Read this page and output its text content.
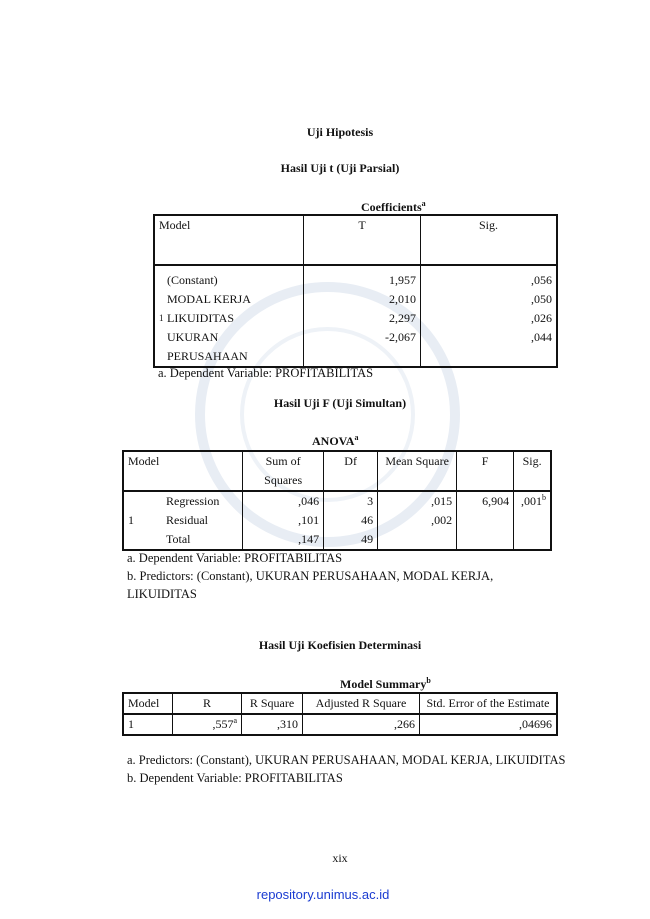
Uji Hipotesis
Hasil Uji t (Uji Parsial)
Coefficients$^a$
Model	T	Sig.

(Constant)	1,957	,056
MODAL KERJA	2,010	,050

1 LIKUIDITAS	2,297	,026
UKURAN PERUSAHAAN	-2,067	,044
a. Dependent Variable: PROFITABILITAS
Hasil Uji F (Uji Simultan)
ANOVA$^a$
Model		Sum of Squares	Df	Mean Square	F	Sig.
	Regression	,046	3	,015	6,904	,001$^b$
1	Residual	,101	46	,002		
	Total	,147	49			
a. Dependent Variable: PROFITABILITAS
b. Predictors: (Constant), UKURAN PERUSAHAAN, MODAL KERJA,
LIKUIDITAS
Hasil Uji Koefisien Determinasi
Model Summary$^b$
Model	R	R Square	Adjusted R Square	Std. Error of the Estimate
1	,557$^a$	,310	,266	,04696
a. Predictors: (Constant), UKURAN PERUSAHAAN, MODAL KERJA, LIKUIDITAS
b. Dependent Variable: PROFITABILITAS
xix
repository.unimus.ac.id
